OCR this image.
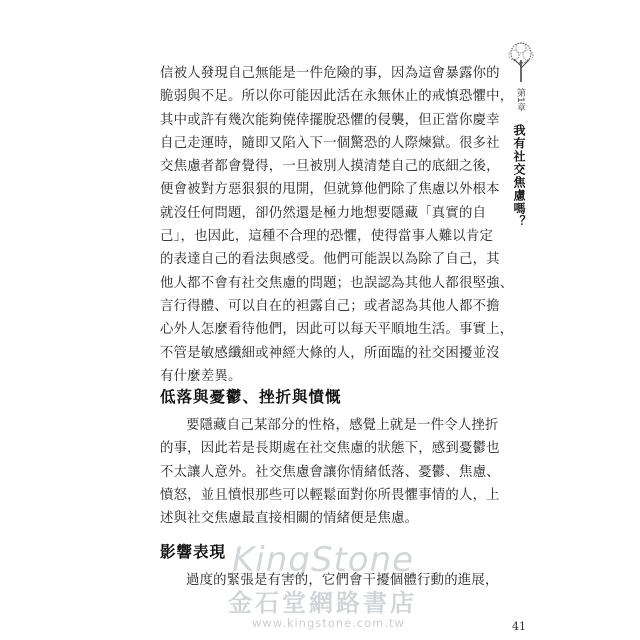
第1章
我有社交焦慮嗎？
信被人發現自己無能是一件危險的事，因為這會暴露你的
脆弱與不足。所以你可能因此活在永無休止的戒慎恐懼中，
其中或許有幾次能夠僥倖擺脫恐懼的侵襲，但正當你慶幸
自己走運時，隨即又陷入下一個驚恐的人際煉獄。很多社
交焦慮者都會覺得，一旦被別人摸清楚自己的底細之後，
便會被對方惡狠狠的甩開，但就算他們除了焦慮以外根本
就沒任何問題，卻仍然還是極力地想要隱藏「真實的自
己」，也因此，這種不合理的恐懼，使得當事人難以肯定
的表達自己的看法與感受。他們可能誤以為除了自己，其
他人都不會有社交焦慮的問題；也誤認為其他人都很堅強、
言行得體、可以自在的袒露自己；或者認為其他人都不擔
心外人怎麼看待他們，因此可以每天平順地生活。事實上，
不管是敏感纖細或神經大條的人，所面臨的社交困擾並沒
有什麼差異。
低落與憂鬱、挫折與憤慨
要隱藏自己某部分的性格，感覺上就是一件令人挫折
的事，因此若是長期處在社交焦慮的狀態下，感到憂鬱也
不太讓人意外。社交焦慮會讓你情緒低落、憂鬱、焦慮、
憤怒，並且憤恨那些可以輕鬆面對你所畏懼事情的人，上
述與社交焦慮最直接相關的情緒便是焦慮。
影響表現
過度的緊張是有害的，它們會干擾個體行動的進展，
KingStone
金石堂網路書店
www.kingstone.com.tw	41
